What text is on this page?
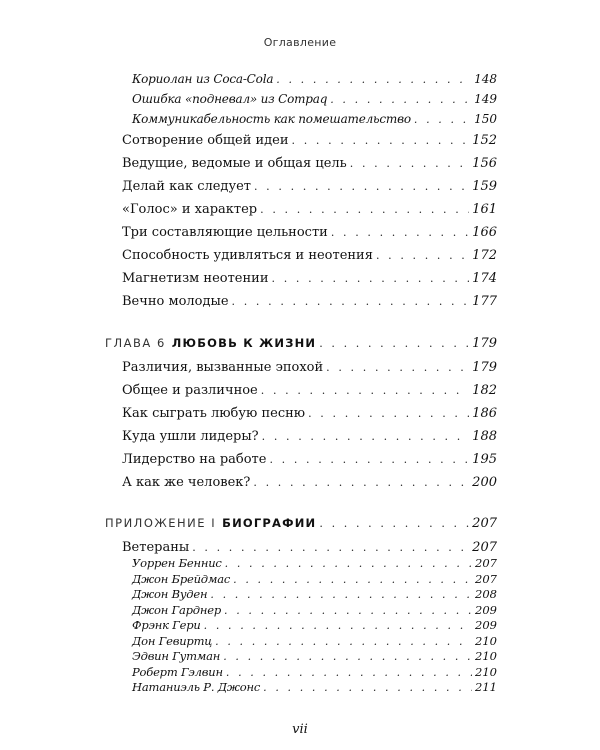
Оглавление
Кориолан из Coca-Cola . . .	148
Ошибка «подневал» из Compaq . . .	149
Коммуникабельность как помешательство . . .	150
Сотворение общей идеи . . .	152
Ведущие, ведомые и общая цель . . .	156
Делай как следует . . .	159
«Голос» и характер . . .	161
Три составляющие цельности . . .	166
Способность удивляться и неотения . . .	172
Магнетизм неотении . . .	174
Вечно молодые . . .	177
ГЛАВА 6 ЛЮБОВЬ К ЖИЗНИ . . .	179
Различия, вызванные эпохой . . .	179
Общее и различное . . .	182
Как сыграть любую песню . . .	186
Куда ушли лидеры? . . .	188
Лидерство на работе . . .	195
А как же человек? . . .	200
ПРИЛОЖЕНИЕ I БИОГРАФИИ . . .	207
Ветераны . . .	207
Уоррен Беннис . . .	207
Джон Брейдмас . . .	207
Джон Вуден . . .	208
Джон Гарднер . . .	209
Фрэнк Гери . . .	209
Дон Гевиртц . . .	210
Эдвин Гутман . . .	210
vii
Роберт Гэлвин . . .	210
Натаниэль Р. Джонс . . .	211
